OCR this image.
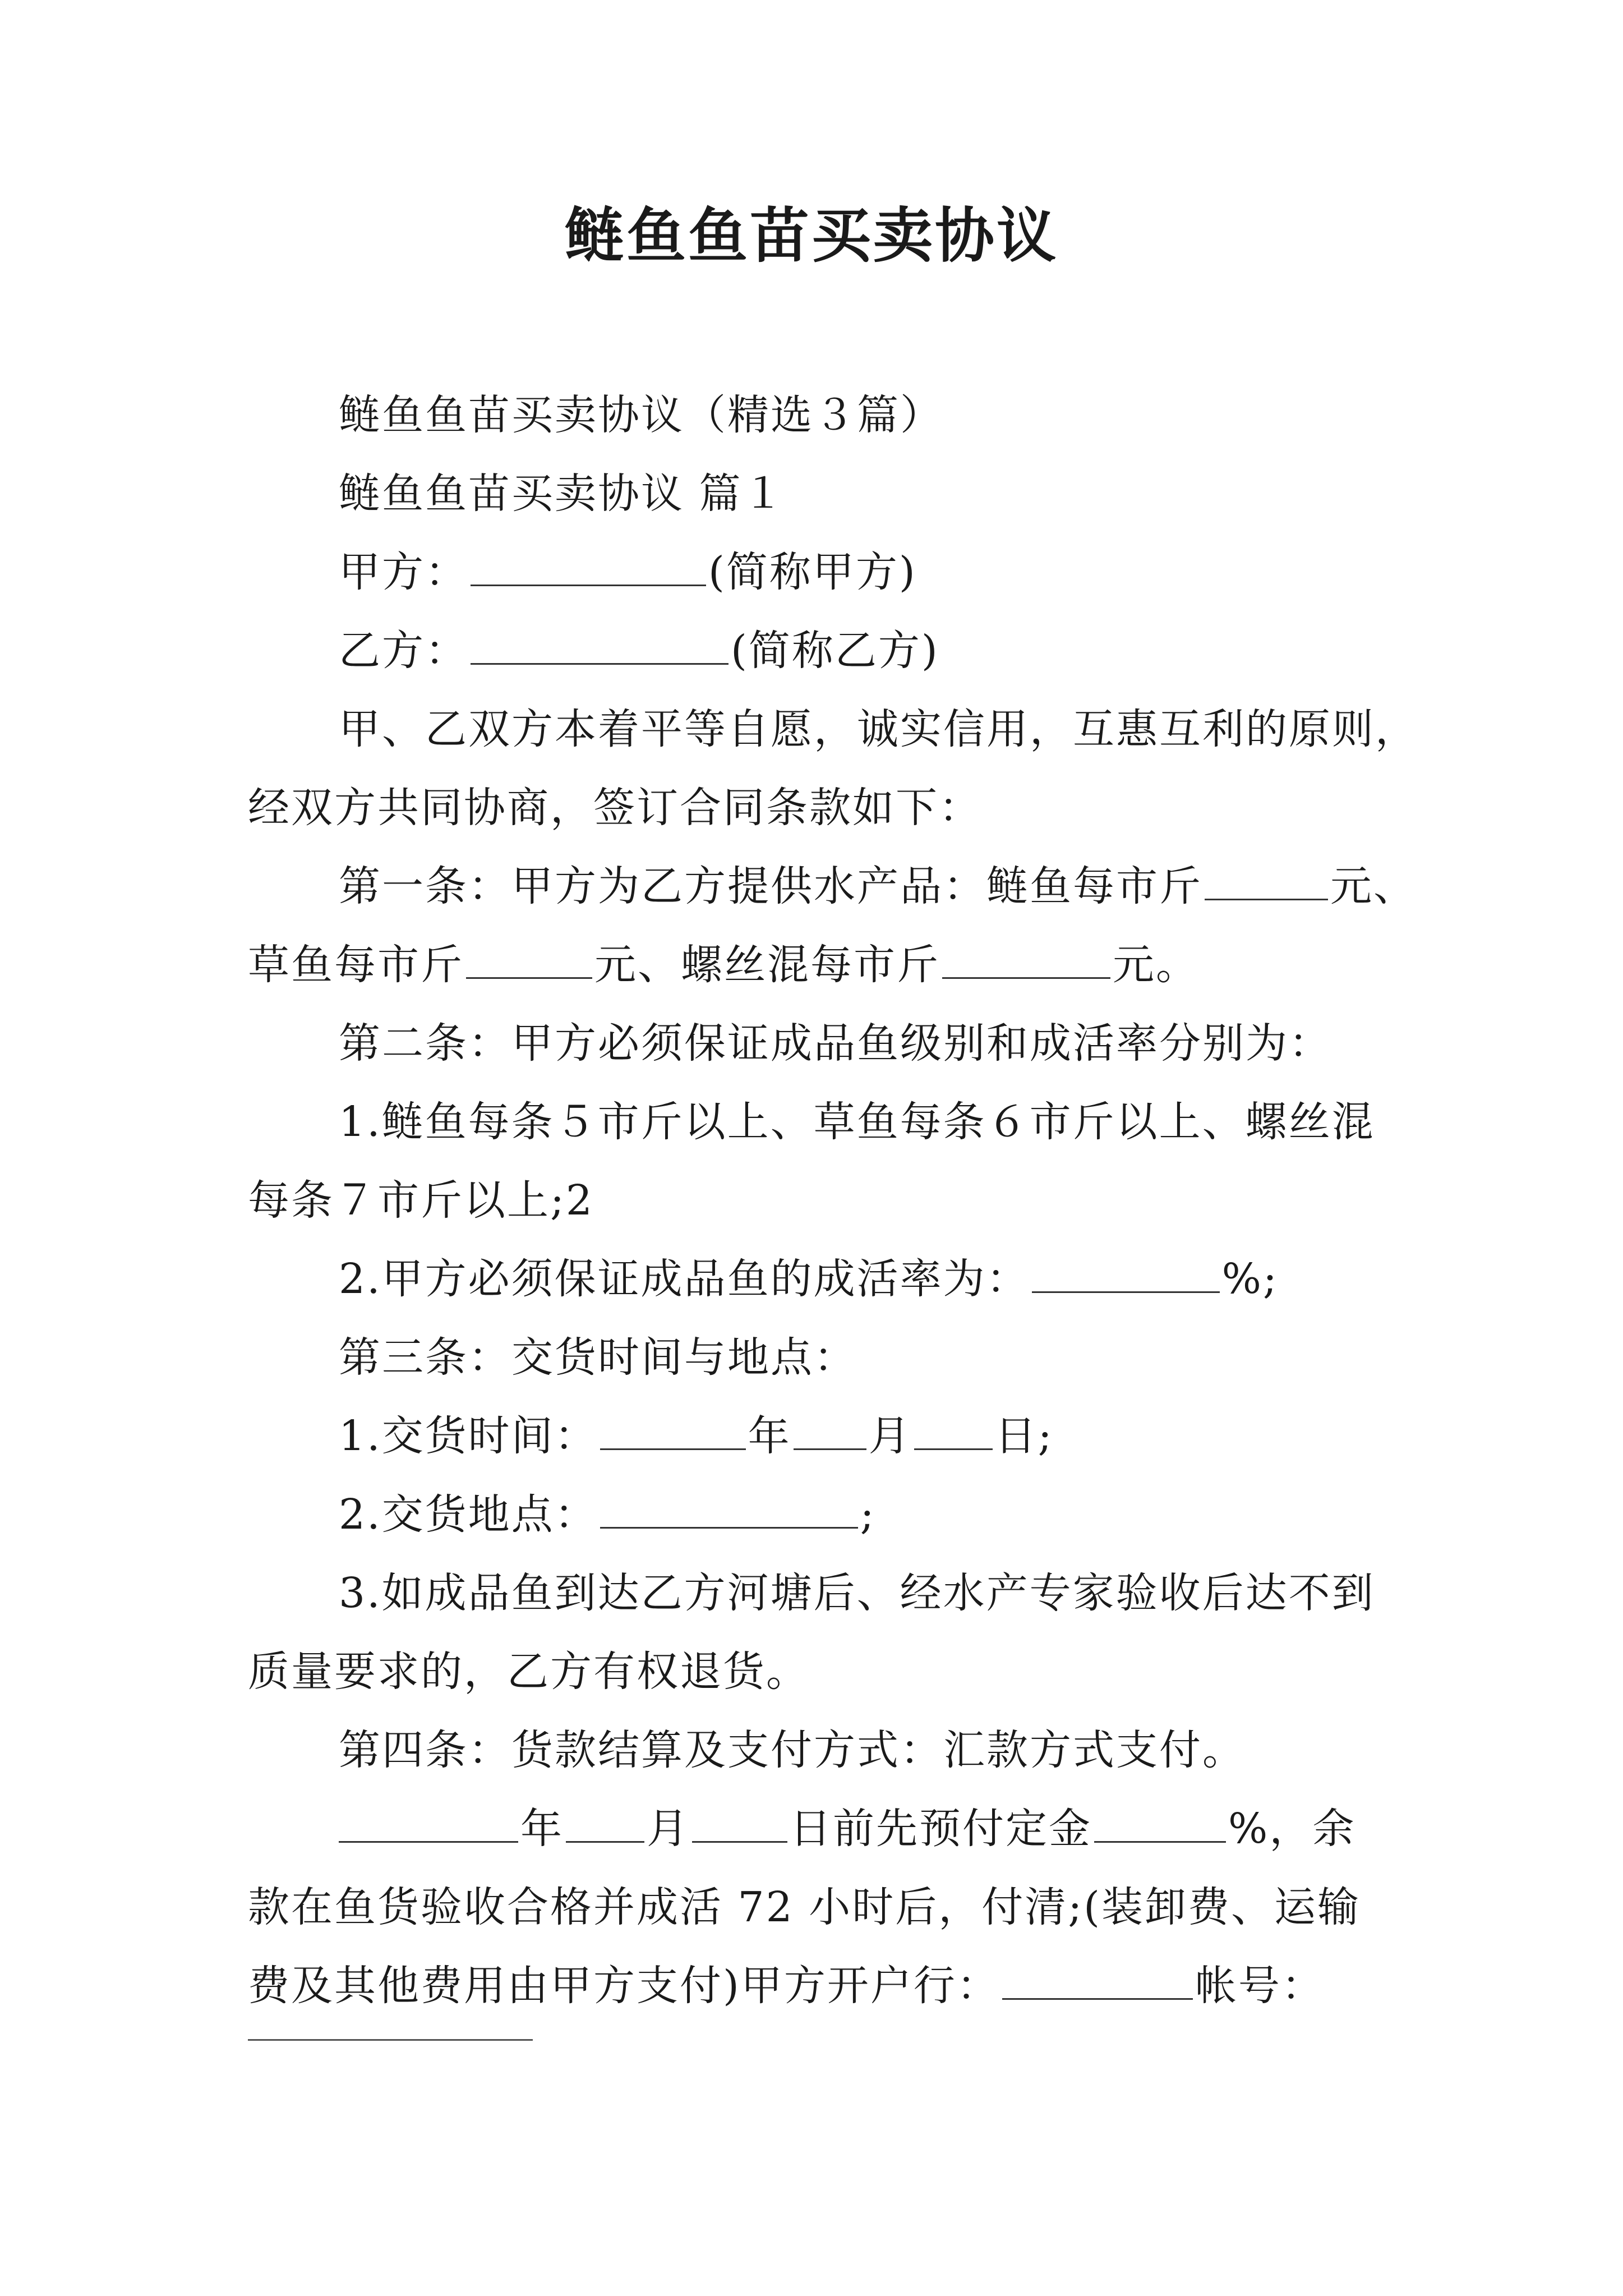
鲢鱼鱼苗买卖协议

鲢鱼鱼苗买卖协议（精选３篇）

鲢鱼鱼苗买卖协议 篇１

甲方：	(简称甲方)

乙方：	(简称乙方)

甲、乙双方本着平等自愿，诚实信用，互惠互利的原则，

经双方共同协商，签订合同条款如下：

第一条：甲方为乙方提供水产品：鲢鱼每市斤	元、

草鱼每市斤	元、螺丝混每市斤	元。

第二条：甲方必须保证成品鱼级别和成活率分别为：

1.鲢鱼每条５市斤以上、草鱼每条６市斤以上、螺丝混

每条７市斤以上;2

2.甲方必须保证成品鱼的成活率为：	%;

第三条：交货时间与地点：

1.交货时间：	年 月 日;

2.交货地点：	;

3.如成品鱼到达乙方河塘后、经水产专家验收后达不到

质量要求的，乙方有权退货。

第四条：货款结算及支付方式：汇款方式支付。

年 月 日前先预付定金	%，余

款在鱼货验收合格并成活 72 小时后，付清;(装卸费、运输

费及其他费用由甲方支付)甲方开户行：	帐号：
